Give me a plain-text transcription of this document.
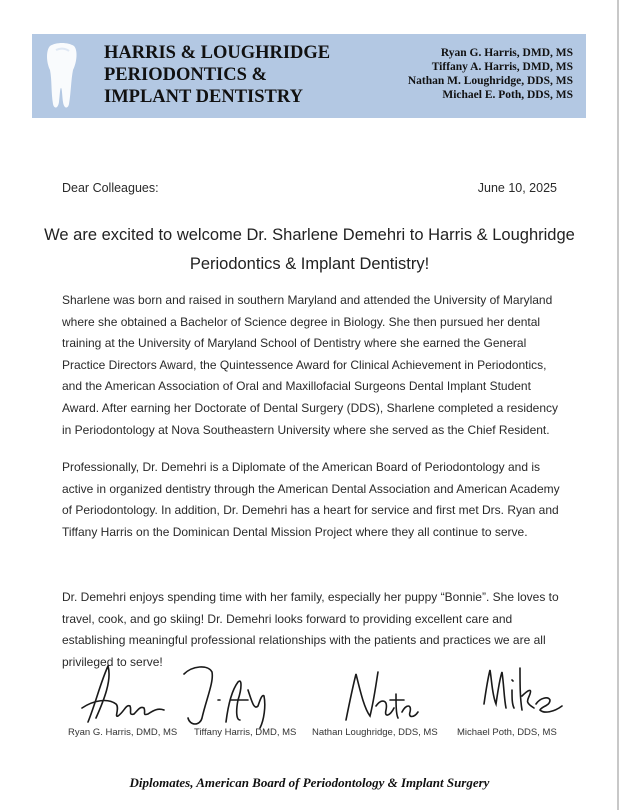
HARRIS & LOUGHRIDGE
PERIODONTICS &
IMPLANT DENTISTRY
Ryan G. Harris, DMD, MS
Tiffany A. Harris, DMD, MS
Nathan M. Loughridge, DDS, MS
Michael E. Poth, DDS, MS
Dear Colleagues:	June 10, 2025
We are excited to welcome Dr. Sharlene Demehri to Harris & Loughridge Periodontics & Implant Dentistry!
Sharlene was born and raised in southern Maryland and attended the University of Maryland where she obtained a Bachelor of Science degree in Biology. She then pursued her dental training at the University of Maryland School of Dentistry where she earned the General Practice Directors Award, the Quintessence Award for Clinical Achievement in Periodontics, and the American Association of Oral and Maxillofacial Surgeons Dental Implant Student Award. After earning her Doctorate of Dental Surgery (DDS), Sharlene completed a residency in Periodontology at Nova Southeastern University where she served as the Chief Resident.
Professionally, Dr. Demehri is a Diplomate of the American Board of Periodontology and is active in organized dentistry through the American Dental Association and American Academy of Periodontology. In addition, Dr. Demehri has a heart for service and first met Drs. Ryan and Tiffany Harris on the Dominican Dental Mission Project where they all continue to serve.
Dr. Demehri enjoys spending time with her family, especially her puppy “Bonnie”. She loves to travel, cook, and go skiing! Dr. Demehri looks forward to providing excellent care and establishing meaningful professional relationships with the patients and practices we are all privileged to serve!
Ryan G. Harris, DMD, MS Tiffany Harris, DMD, MS Nathan Loughridge, DDS, MS Michael Poth, DDS, MS
Diplomates, American Board of Periodontology & Implant Surgery
